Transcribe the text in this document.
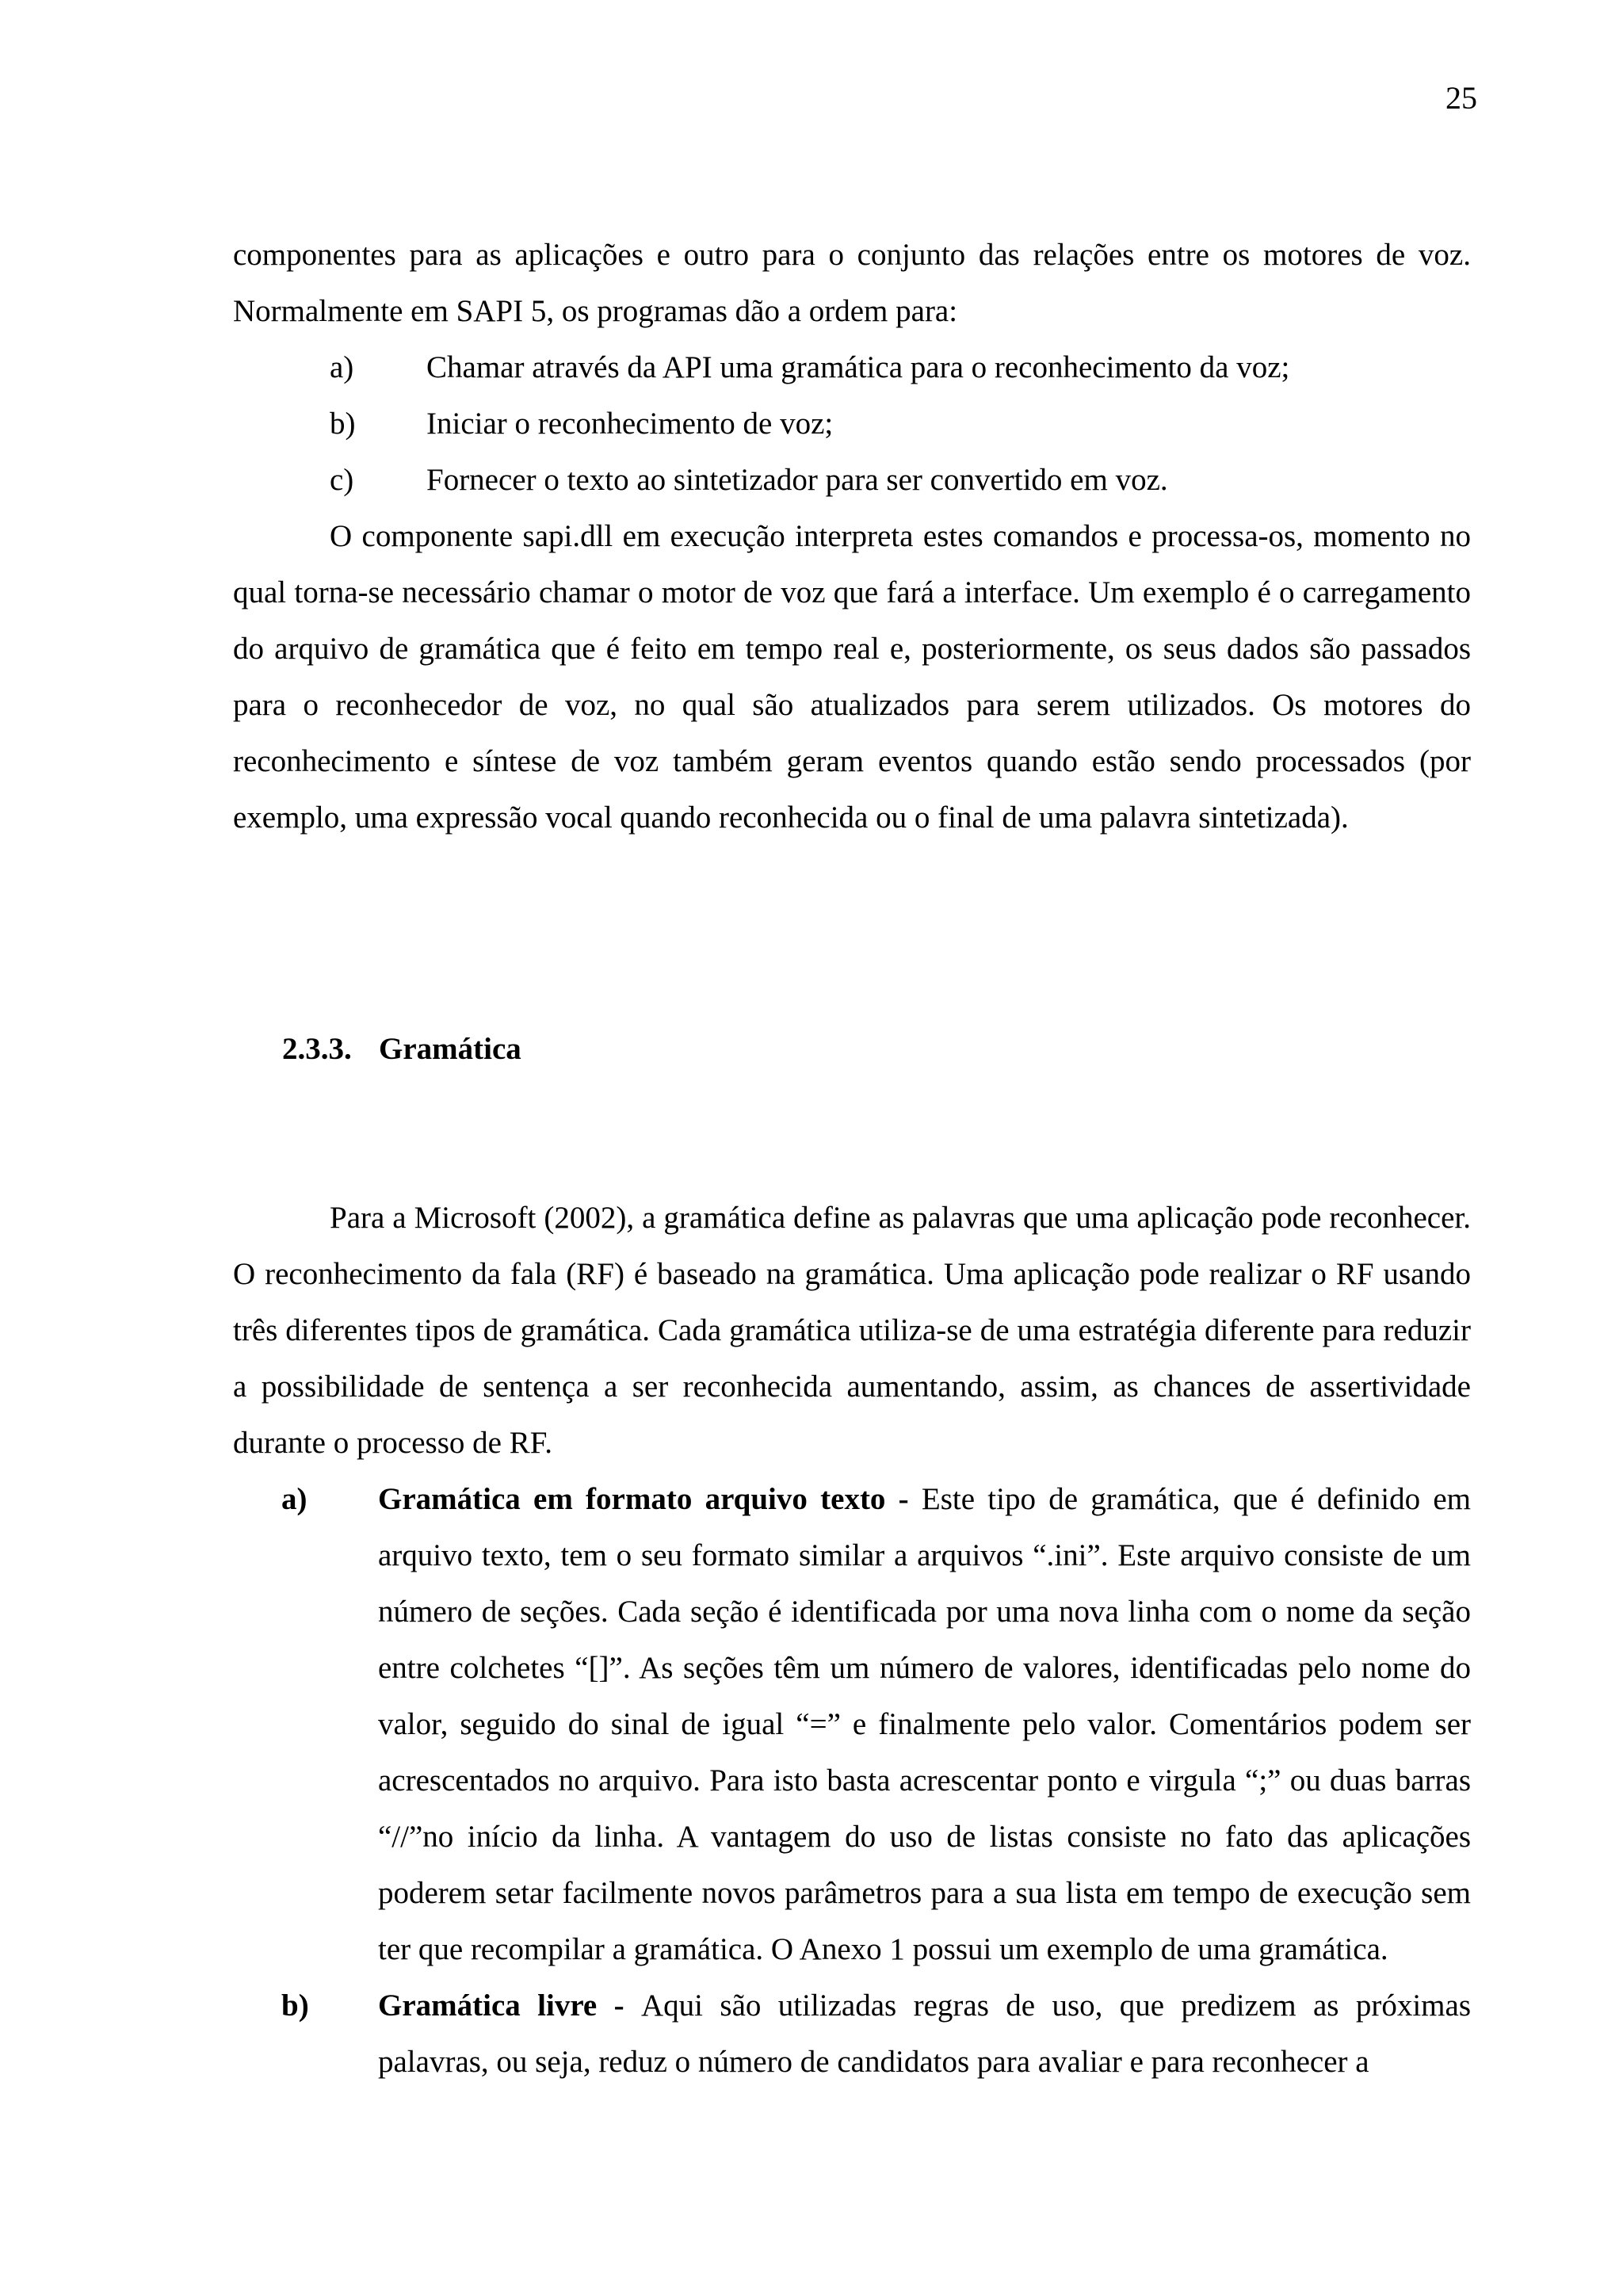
25

componentes para as aplicações e outro para o conjunto das relações entre os motores de voz. Normalmente em SAPI 5, os programas dão a ordem para:

a) Chamar através da API uma gramática para o reconhecimento da voz;

b) Iniciar o reconhecimento de voz;

c) Fornecer o texto ao sintetizador para ser convertido em voz.

O componente sapi.dll em execução interpreta estes comandos e processa-os, momento no qual torna-se necessário chamar o motor de voz que fará a interface. Um exemplo é o carregamento do arquivo de gramática que é feito em tempo real e, posteriormente, os seus dados são passados para o reconhecedor de voz, no qual são atualizados para serem utilizados. Os motores do reconhecimento e síntese de voz também geram eventos quando estão sendo processados (por exemplo, uma expressão vocal quando reconhecida ou o final de uma palavra sintetizada).

2.3.3. Gramática

Para a Microsoft (2002), a gramática define as palavras que uma aplicação pode reconhecer. O reconhecimento da fala (RF) é baseado na gramática. Uma aplicação pode realizar o RF usando três diferentes tipos de gramática. Cada gramática utiliza-se de uma estratégia diferente para reduzir a possibilidade de sentença a ser reconhecida aumentando, assim, as chances de assertividade durante o processo de RF.

a) Gramática em formato arquivo texto - Este tipo de gramática, que é definido em arquivo texto, tem o seu formato similar a arquivos “.ini”. Este arquivo consiste de um número de seções. Cada seção é identificada por uma nova linha com o nome da seção entre colchetes “[]”. As seções têm um número de valores, identificadas pelo nome do valor, seguido do sinal de igual “=” e finalmente pelo valor. Comentários podem ser acrescentados no arquivo. Para isto basta acrescentar ponto e virgula “;” ou duas barras “//”no início da linha. A vantagem do uso de listas consiste no fato das aplicações poderem setar facilmente novos parâmetros para a sua lista em tempo de execução sem ter que recompilar a gramática. O Anexo 1 possui um exemplo de uma gramática.

b) Gramática livre - Aqui são utilizadas regras de uso, que predizem as próximas palavras, ou seja, reduz o número de candidatos para avaliar e para reconhecer a
